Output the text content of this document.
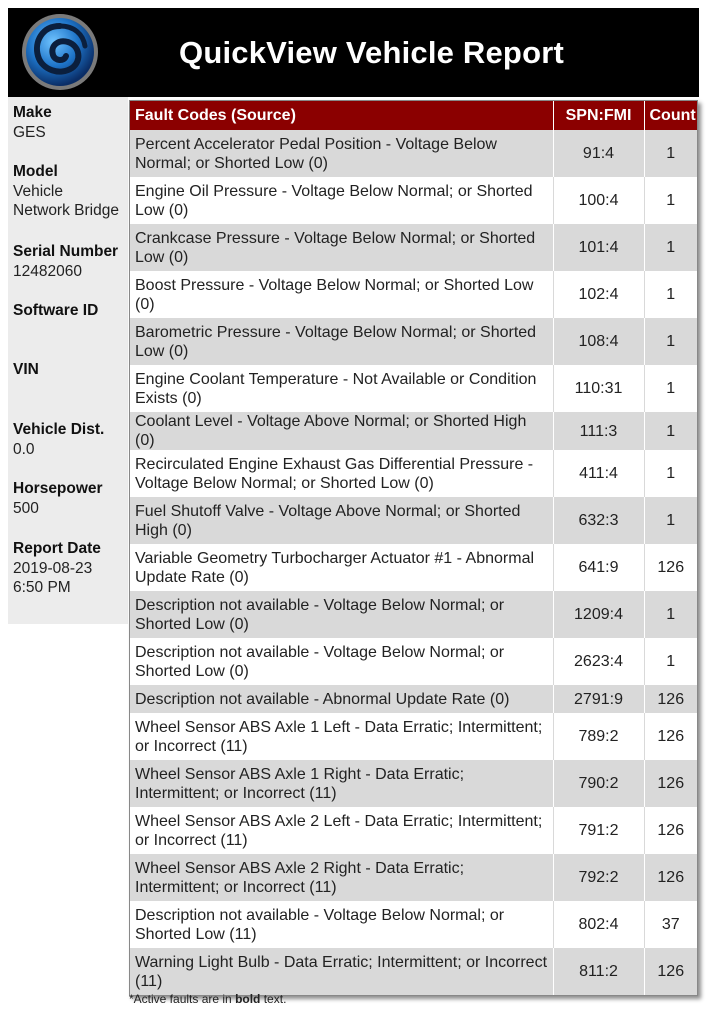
QuickView Vehicle Report
Make
GES
Model
Vehicle
Network Bridge
Serial Number
12482060
Software ID
VIN
Vehicle Dist.
0.0
Horsepower
500
Report Date
2019-08-23
6:50 PM
Fault Codes (Source)	SPN:FMI	Count
Percent Accelerator Pedal Position - Voltage Below Normal; or Shorted Low (0)	91:4	1
Engine Oil Pressure - Voltage Below Normal; or Shorted Low (0)	100:4	1
Crankcase Pressure - Voltage Below Normal; or Shorted Low (0)	101:4	1
Boost Pressure - Voltage Below Normal; or Shorted Low (0)	102:4	1
Barometric Pressure - Voltage Below Normal; or Shorted Low (0)	108:4	1
Engine Coolant Temperature - Not Available or Condition Exists (0)	110:31	1
Coolant Level - Voltage Above Normal; or Shorted High (0)	111:3	1
Recirculated Engine Exhaust Gas Differential Pressure - Voltage Below Normal; or Shorted Low (0)	411:4	1
Fuel Shutoff Valve - Voltage Above Normal; or Shorted High (0)	632:3	1
Variable Geometry Turbocharger Actuator #1 - Abnormal Update Rate (0)	641:9	126
Description not available - Voltage Below Normal; or Shorted Low (0)	1209:4	1
Description not available - Voltage Below Normal; or Shorted Low (0)	2623:4	1
Description not available - Abnormal Update Rate (0)	2791:9	126
Wheel Sensor ABS Axle 1 Left - Data Erratic; Intermittent; or Incorrect (11)	789:2	126
Wheel Sensor ABS Axle 1 Right - Data Erratic; Intermittent; or Incorrect (11)	790:2	126
Wheel Sensor ABS Axle 2 Left - Data Erratic; Intermittent; or Incorrect (11)	791:2	126
Wheel Sensor ABS Axle 2 Right - Data Erratic; Intermittent; or Incorrect (11)	792:2	126
Description not available - Voltage Below Normal; or Shorted Low (11)	802:4	37
Warning Light Bulb - Data Erratic; Intermittent; or Incorrect (11)	811:2	126
*Active faults are in bold text.
